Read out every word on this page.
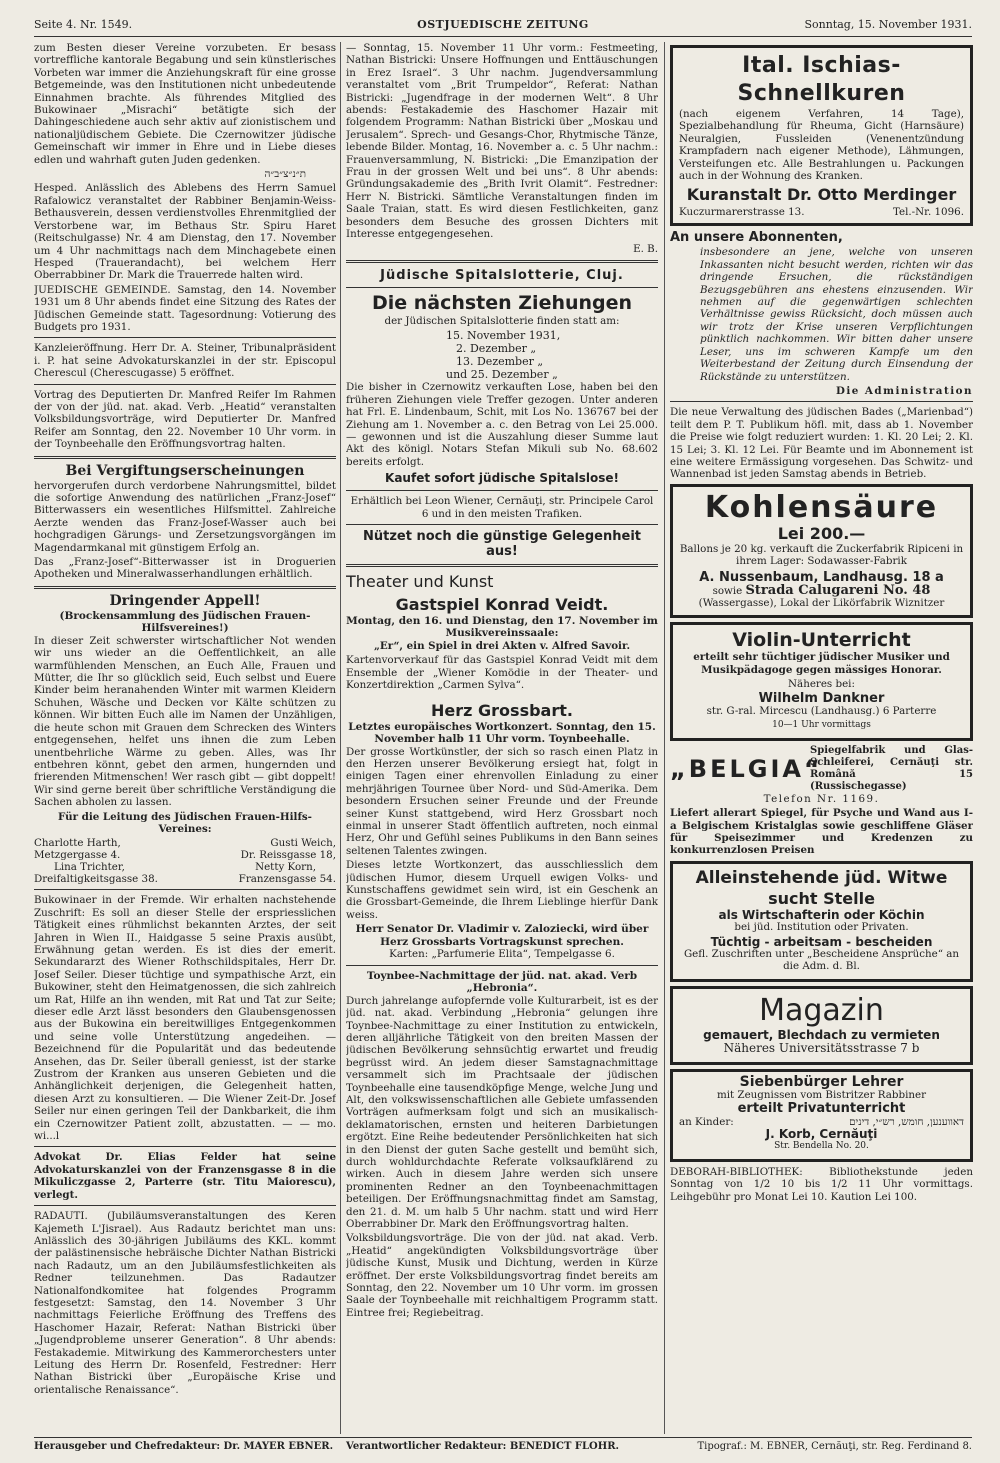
Seite 4. Nr. 1549.	OSTJUEDISCHE ZEITUNG	Sonntag, 15. November 1931.

zum Besten dieser Vereine vorzubeten. Er besass vortreffliche kantorale Begabung und sein künstlerisches Vorbeten war immer die Anziehungskraft für eine grosse Betgemeinde, was den Institutionen nicht unbedeutende Einnahmen brachte. Als führendes Mitglied des Bukowinaer „Misrachi“ betätigte sich der Dahingeschiedene auch sehr aktiv auf zionistischem und nationaljüdischem Gebiete. Die Czernowitzer jüdische Gemeinschaft wir immer in Ehre und in Liebe dieses edlen und wahrhaft guten Juden gedenken.

ת״נ״צ״ב״ה

Hesped. Anlässlich des Ablebens des Herrn Samuel Rafalowicz veranstaltet der Rabbiner Benjamin-Weiss-Bethausverein, dessen verdienstvolles Ehrenmitglied der Verstorbene war, im Bethaus Str. Spiru Haret (Reitschulgasse) Nr. 4 am Dienstag, den 17. November um 4 Uhr nachmittags nach dem Minchagebete einen Hesped (Trauerandacht), bei welchem Herr Oberrabbiner Dr. Mark die Trauerrede halten wird.

JUEDISCHE GEMEINDE. Samstag, den 14. November 1931 um 8 Uhr abends findet eine Sitzung des Rates der Jüdischen Gemeinde statt. Tagesordnung: Votierung des Budgets pro 1931.

Kanzleieröffnung. Herr Dr. A. Steiner, Tribunalpräsident i. P. hat seine Advokaturskanzlei in der str. Episcopul Cherescul (Cherescugasse) 5 eröffnet.

Vortrag des Deputierten Dr. Manfred Reifer Im Rahmen der von der jüd. nat. akad. Verb. „Heatid“ veranstalten Volksbildungsvorträge, wird Deputierter Dr. Manfred Reifer am Sonntag, den 22. November 10 Uhr vorm. in der Toynbeehalle den Eröffnungsvortrag halten.

Bei Vergiftungserscheinungen

hervorgerufen durch verdorbene Nahrungsmittel, bildet die sofortige Anwendung des natürlichen „Franz-Josef“ Bitterwassers ein wesentliches Hilfsmittel. Zahlreiche Aerzte wenden das Franz-Josef-Wasser auch bei hochgradigen Gärungs- und Zersetzungsvorgängen im Magendarmkanal mit günstigem Erfolg an.

Das „Franz-Josef“-Bitterwasser ist in Droguerien Apotheken und Mineralwasserhandlungen erhältlich.

Dringender Appell!
(Brockensammlung des Jüdischen Frauen-Hilfsvereines!)

In dieser Zeit schwerster wirtschaftlicher Not wenden wir uns wieder an die Oeffentlichkeit, an alle warmfühlenden Menschen, an Euch Alle, Frauen und Mütter, die Ihr so glücklich seid, Euch selbst und Euere Kinder beim heranahenden Winter mit warmen Kleidern Schuhen, Wäsche und Decken vor Kälte schützen zu können. Wir bitten Euch alle im Namen der Unzähligen, die heute schon mit Grauen dem Schrecken des Winters entgegensehen, helfet uns ihnen die zum Leben unentbehrliche Wärme zu geben. Alles, was Ihr entbehren könnt, gebet den armen, hungernden und frierenden Mitmenschen! Wer rasch gibt — gibt doppelt! Wir sind gerne bereit über schriftliche Verständigung die Sachen abholen zu lassen.

Für die Leitung des Jüdischen Frauen-Hilfs-Vereines:

Charlotte Harth,	Gusti Weich,
Metzgergasse 4.	Dr. Reissgasse 18,
Lina Trichter,	Netty Korn,
Dreifaltigkeitsgasse 38.	Franzensgasse 54.

Bukowinaer in der Fremde. Wir erhalten nachstehende Zuschrift: Es soll an dieser Stelle der erspriesslichen Tätigkeit eines rühmlichst bekannten Arztes, der seit Jahren in Wien II., Haidgasse 5 seine Praxis ausübt, Erwähnung getan werden. Es ist dies der emerit. Sekundararzt des Wiener Rothschildspitales, Herr Dr. Josef Seiler. Dieser tüchtige und sympathische Arzt, ein Bukowiner, steht den Heimatgenossen, die sich zahlreich um Rat, Hilfe an ihn wenden, mit Rat und Tat zur Seite; dieser edle Arzt lässt besonders den Glaubensgenossen aus der Bukowina ein bereitwilliges Entgegenkommen und seine volle Unterstützung angedeihen. — Bezeichnend für die Popularität und das bedeutende Ansehen, das Dr. Seiler überall geniesst, ist der starke Zustrom der Kranken aus unseren Gebieten und die Anhänglichkeit derjenigen, die Gelegenheit hatten, diesen Arzt zu konsultieren. — Die Wiener Zeit-Dr. Josef Seiler nur einen geringen Teil der Dankbarkeit, die ihm ein Czernowitzer Patient zollt, abzustatten. — — mo. wi...l

Advokat Dr. Elias Felder hat seine Advokaturskanzlei von der Franzensgasse 8 in die Mikuliczgasse 2, Parterre (str. Titu Maiorescu), verlegt.

RADAUTI. (Jubiläumsveranstaltungen des Keren Kajemeth L'Jisrael). Aus Radautz berichtet man uns: Anlässlich des 30-jährigen Jubiläums des KKL. kommt der palästinensische hebräische Dichter Nathan Bistricki nach Radautz, um an den Jubiläumsfestlichkeiten als Redner teilzunehmen. Das Radautzer Nationalfondkomitee hat folgendes Programm festgesetzt: Samstag, den 14. November 3 Uhr nachmittags Feierliche Eröffnung des Treffens des Haschomer Hazair, Referat: Nathan Bistricki über „Jugendprobleme unserer Generation“. 8 Uhr abends: Festakademie. Mitwirkung des Kammerorchesters unter Leitung des Herrn Dr. Rosenfeld, Festredner: Herr Nathan Bistricki über „Europäische Krise und orientalische Renaissance“.

— Sonntag, 15. November 11 Uhr vorm.: Festmeeting, Nathan Bistricki: Unsere Hoffnungen und Enttäuschungen in Erez Israel“. 3 Uhr nachm. Jugendversammlung veranstaltet vom „Brit Trumpeldor“, Referat: Nathan Bistricki: „Jugendfrage in der modernen Welt“. 8 Uhr abends: Festakademie des Haschomer Hazair mit folgendem Programm: Nathan Bistricki über „Moskau und Jerusalem“. Sprech- und Gesangs-Chor, Rhytmische Tänze, lebende Bilder. Montag, 16. November a. c. 5 Uhr nachm.: Frauenversammlung, N. Bistricki: „Die Emanzipation der Frau in der grossen Welt und bei uns“. 8 Uhr abends: Gründungsakademie des „Brith Ivrit Olamit“. Festredner: Herr N. Bistricki. Sämtliche Veranstaltungen finden im Saale Traian, statt. Es wird diesen Festlichkeiten, ganz besonders dem Besuche des grossen Dichters mit Interesse entgegengesehen.

E. B.

Jüdische Spitalslotterie, Cluj.
Die nächsten Ziehungen

der Jüdischen Spitalslotterie finden statt am:

15. November 1931,
2. Dezember „
13. Dezember „
und 25. Dezember „

Die bisher in Czernowitz verkauften Lose, haben bei den früheren Ziehungen viele Treffer gezogen. Unter anderen hat Frl. E. Lindenbaum, Schit, mit Los No. 136767 bei der Ziehung am 1. November a. c. den Betrag von Lei 25.000.— gewonnen und ist die Auszahlung dieser Summe laut Akt des königl. Notars Stefan Mikuli sub No. 68.602 bereits erfolgt.

Kaufet sofort jüdische Spitalslose!

Erhältlich bei Leon Wiener, Cernăuţi, str. Principele Carol 6 und in den meisten Trafiken.

Nützet noch die günstige Gelegenheit aus!
Theater und Kunst
Gastspiel Konrad Veidt.
Montag, den 16. und Dienstag, den 17. November im Musikvereinssaale:

„Er“, ein Spiel in drei Akten v. Alfred Savoir.

Kartenvorverkauf für das Gastspiel Konrad Veidt mit dem Ensemble der „Wiener Komödie in der Theater- und Konzertdirektion „Carmen Sylva“.

Herz Grossbart.
Letztes europäisches Wortkonzert. Sonntag, den 15. November halb 11 Uhr vorm. Toynbeehalle.

Der grosse Wortkünstler, der sich so rasch einen Platz in den Herzen unserer Bevölkerung ersiegt hat, folgt in einigen Tagen einer ehrenvollen Einladung zu einer mehrjährigen Tournee über Nord- und Süd-Amerika. Dem besondern Ersuchen seiner Freunde und der Freunde seiner Kunst stattgebend, wird Herz Grossbart noch einmal in unserer Stadt öffentlich auftreten, noch einmal Herz, Ohr und Gefühl seines Publikums in den Bann seines seltenen Talentes zwingen.

Dieses letzte Wortkonzert, das ausschliesslich dem jüdischen Humor, diesem Urquell ewigen Volks- und Kunstschaffens gewidmet sein wird, ist ein Geschenk an die Grossbart-Gemeinde, die Ihrem Lieblinge hierfür Dank weiss.

Herr Senator Dr. Vladimir v. Zaloziecki, wird über Herz Grossbarts Vortragskunst sprechen.

Karten: „Parfumerie Elita“, Tempelgasse 6.

Toynbee-Nachmittage der jüd. nat. akad. Verb „Hebronia“.

Durch jahrelange aufopfernde volle Kulturarbeit, ist es der jüd. nat. akad. Verbindung „Hebronia“ gelungen ihre Toynbee-Nachmittage zu einer Institution zu entwickeln, deren alljährliche Tätigkeit von den breiten Massen der jüdischen Bevölkerung sehnsüchtig erwartet und freudig begrüsst wird. An jedem dieser Samstagnachmittage versammelt sich im Prachtsaale der jüdischen Toynbeehalle eine tausendköpfige Menge, welche Jung und Alt, den volkswissenschaftlichen alle Gebiete umfassenden Vorträgen aufmerksam folgt und sich an musikalisch-deklamatorischen, ernsten und heiteren Darbietungen ergötzt. Eine Reihe bedeutender Persönlichkeiten hat sich in den Dienst der guten Sache gestellt und bemüht sich, durch wohldurchdachte Referate volksaufklärend zu wirken. Auch in diesem Jahre werden sich unsere prominenten Redner an den Toynbeenachmittagen beteiligen. Der Eröffnungsnachmittag findet am Samstag, den 21. d. M. um halb 5 Uhr nachm. statt und wird Herr Oberrabbiner Dr. Mark den Eröffnungsvortrag halten.

Volksbildungsvorträge. Die von der jüd. nat akad. Verb. „Heatid“ angekündigten Volksbildungsvorträge über jüdische Kunst, Musik und Dichtung, werden in Kürze eröffnet. Der erste Volksbildungsvortrag findet bereits am Sonntag, den 22. November um 10 Uhr vorm. im grossen Saale der Toynbeehalle mit reichhaltigem Programm statt. Eintree frei; Regiebeitrag.

Ital. Ischias-Schnellkuren

(nach eigenem Verfahren, 14 Tage), Spezialbehandlung für Rheuma, Gicht (Harnsäure) Neuralgien, Fussleiden (Venenentzündung Krampfadern nach eigener Methode), Lähmungen, Versteifungen etc. Alle Bestrahlungen u. Packungen auch in der Wohnung des Kranken.

Kuranstalt Dr. Otto Merdinger
Kuczurmarerstrasse 13.	Tel.-Nr. 1096.
An unsere Abonnenten,

insbesondere an jene, welche von unseren Inkassanten nicht besucht werden, richten wir das dringende Ersuchen, die rückständigen Bezugsgebühren ans ehestens einzusenden. Wir nehmen auf die gegenwärtigen schlechten Verhältnisse gewiss Rücksicht, doch müssen auch wir trotz der Krise unseren Verpflichtungen pünktlich nachkommen. Wir bitten daher unsere Leser, uns im schweren Kampfe um den Weiterbestand der Zeitung durch Einsendung der Rückstände zu unterstützen.

Die Administration

Die neue Verwaltung des jüdischen Bades („Marienbad“) teilt dem P. T. Publikum höfl. mit, dass ab 1. November die Preise wie folgt reduziert wurden: 1. Kl. 20 Lei; 2. Kl. 15 Lei; 3. Kl. 12 Lei. Für Beamte und im Abonnement ist eine weitere Ermässigung vorgesehen. Das Schwitz- und Wannenbad ist jeden Samstag abends in Betrieb.

Kohlensäure
Lei 200.—

Ballons je 20 kg. verkauft die Zuckerfabrik Ripiceni in ihrem Lager: Sodawasser-Fabrik

A. Nussenbaum, Landhausg. 18 a
sowie Strada Calugareni No. 48

(Wassergasse), Lokal der Likörfabrik Wiznitzer

Violin-Unterricht

erteilt sehr tüchtiger jüdischer Musiker und Musikpädagoge gegen mässiges Honorar.

Näheres bei:

Wilhelm Dankner

str. G-ral. Mircescu (Landhausg.) 6 Parterre

10—1 Uhr vormittags

„BELGIA“
Spiegelfabrik und Glas-Schleiferei, Cernăuţi str. Română 15 (Russischegasse)

Telefon Nr. 1169.

Liefert allerart Spiegel, für Psyche und Wand aus I-a Belgischem Kristalglas sowie geschliffene Gläser für Speisezimmer und Kredenzen zu konkurrenzlosen Preisen

Alleinstehende jüd. Witwe
sucht Stelle
als Wirtschafterin oder Köchin

bei jüd. Institution oder Privaten.

Tüchtig - arbeitsam - bescheiden

Gefl. Zuschriften unter „Bescheidene Ansprüche“ an die Adm. d. Bl.

Magazin
gemauert, Blechdach zu vermieten

Näheres Universitätsstrasse 7 b

Siebenbürger Lehrer

mit Zeugnissen vom Bistritzer Rabbiner

erteilt Privatunterricht
an Kinder:	דאווענען, חומש, רש״י, דינים
J. Korb, Cernăuţi

Str. Bendella No. 20.

DEBORAH-BIBLIOTHEK: Bibliothekstunde jeden Sonntag von 1/2 10 bis 1/2 11 Uhr vormittags. Leihgebühr pro Monat Lei 10. Kaution Lei 100.

Herausgeber und Chefredakteur: Dr. MAYER EBNER. Verantwortlicher Redakteur: BENEDICT FLOHR.	Tipograf.: M. EBNER, Cernăuţi, str. Reg. Ferdinand 8.
